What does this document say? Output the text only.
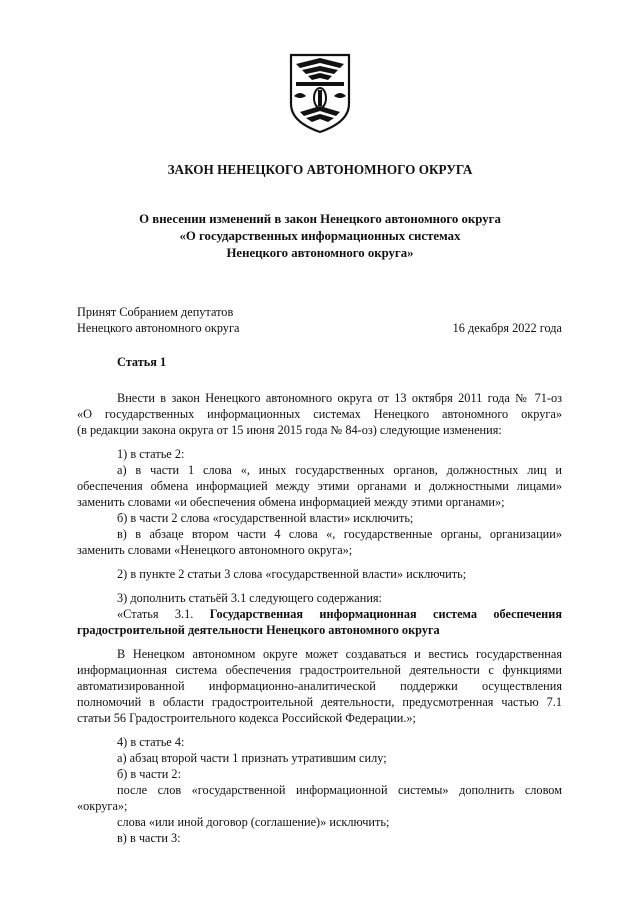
ЗАКОН НЕНЕЦКОГО АВТОНОМНОГО ОКРУГА
О внесении изменений в закон Ненецкого автономного округа
«О государственных информационных системах
Ненецкого автономного округа»
Принят Собранием депутатов
Ненецкого автономного округа	16 декабря 2022 года
Статья 1
Внести в закон Ненецкого автономного округа от 13 октября 2011 года № 71-оз
«О государственных информационных системах Ненецкого автономного округа»
(в редакции закона округа от 15 июня 2015 года № 84-оз) следующие изменения:
1) в статье 2:
а) в части 1 слова «, иных государственных органов, должностных лиц и
обеспечения обмена информацией между этими органами и должностными лицами»
заменить словами «и обеспечения обмена информацией между этими органами»;
б) в части 2 слова «государственной власти» исключить;
в) в абзаце втором части 4 слова «, государственные органы, организации»
заменить словами «Ненецкого автономного округа»;
2) в пункте 2 статьи 3 слова «государственной власти» исключить;
3) дополнить статьёй 3.1 следующего содержания:
«Статья 3.1. Государственная информационная система обеспечения
градостроительной деятельности Ненецкого автономного округа
В Ненецком автономном округе может создаваться и вестись государственная
информационная система обеспечения градостроительной деятельности с функциями
автоматизированной информационно-аналитической поддержки осуществления
полномочий в области градостроительной деятельности, предусмотренная частью 7.1
статьи 56 Градостроительного кодекса Российской Федерации.»;
4) в статье 4:
а) абзац второй части 1 признать утратившим силу;
б) в части 2:
после слов «государственной информационной системы» дополнить словом
«округа»;
слова «или иной договор (соглашение)» исключить;
в) в части 3:
